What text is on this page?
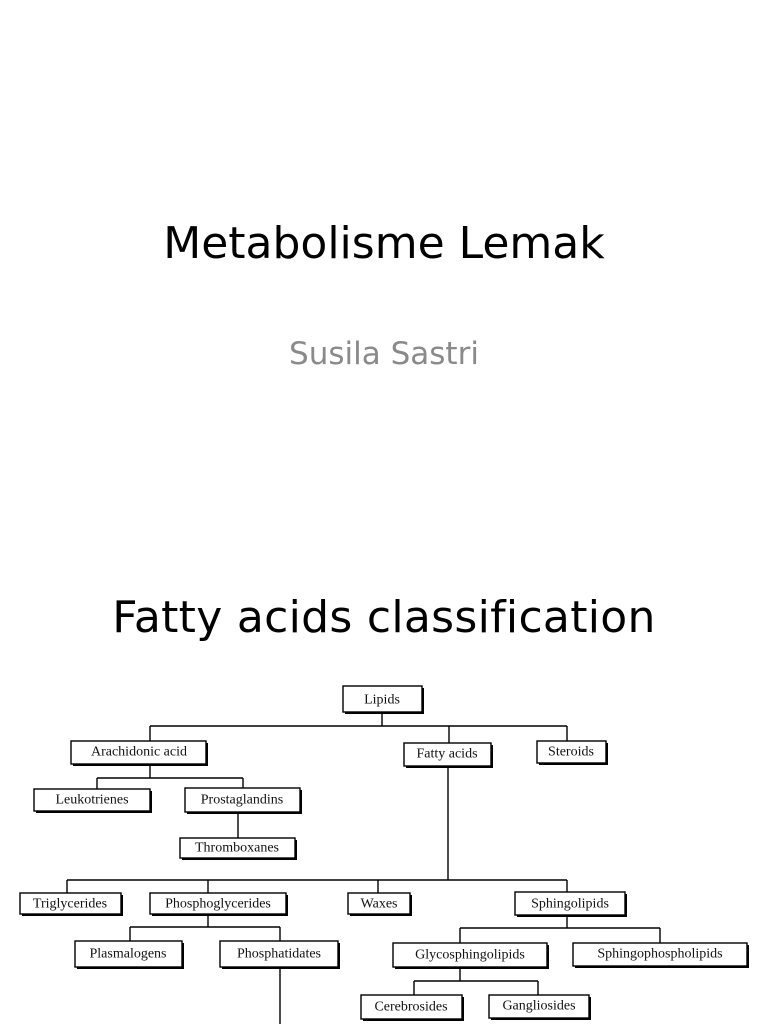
Metabolisme Lemak
Susila Sastri
Fatty acids classification
Lipids
Arachidonic acid	Fatty acids	Steroids
Leukotrienes	Prostaglandins
Thromboxanes
Triglycerides	Phosphoglycerides	Waxes	Sphingolipids
Plasmalogens	Phosphatidates	Glycosphingolipids	Sphingophospholipids
Cerebrosides	Gangliosides
